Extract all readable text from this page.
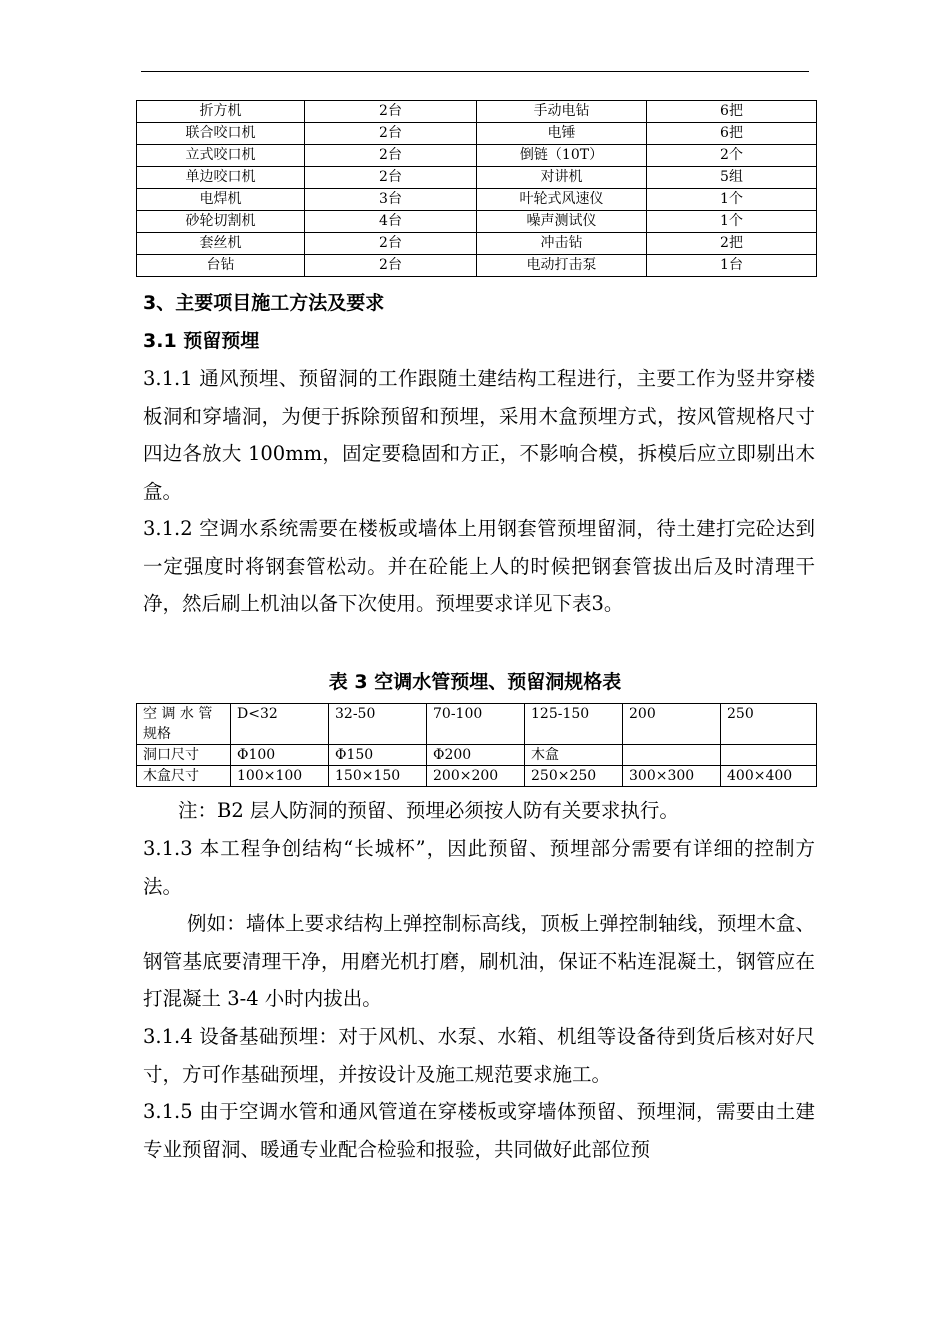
折方机	2台	手动电钻	6把
联合咬口机	2台	电锤	6把
立式咬口机	2台	倒链（10T）	2个
单边咬口机	2台	对讲机	5组
电焊机	3台	叶轮式风速仪	1个
砂轮切割机	4台	噪声测试仪	1个
套丝机	2台	冲击钻	2把
台钻	2台	电动打击泵	1台
3、主要项目施工方法及要求
3.1 预留预埋
3.1.1 通风预埋、预留洞的工作跟随土建结构工程进行，主要工作为竖井穿楼板洞和穿墙洞，为便于拆除预留和预埋，采用木盒预埋方式，按风管规格尺寸四边各放大 100mm，固定要稳固和方正，不影响合模，拆模后应立即剔出木盒。
3.1.2 空调水系统需要在楼板或墙体上用钢套管预埋留洞，待土建打完砼达到一定强度时将钢套管松动。并在砼能上人的时候把钢套管拔出后及时清理干净，然后刷上机油以备下次使用。预埋要求详见下表3。
表 3 空调水管预埋、预留洞规格表
空 调 水 管 规格	D<32	32-50	70-100	125-150	200	250
洞口尺寸	Φ100	Φ150	Φ200	木盒		
木盒尺寸	100×100	150×150	200×200	250×250	300×300	400×400
注：B2 层人防洞的预留、预埋必须按人防有关要求执行。
3.1.3 本工程争创结构“长城杯”，因此预留、预埋部分需要有详细的控制方法。
例如：墙体上要求结构上弹控制标高线，顶板上弹控制轴线，预埋木盒、钢管基底要清理干净，用磨光机打磨，刷机油，保证不粘连混凝土，钢管应在打混凝土 3-4 小时内拔出。
3.1.4 设备基础预埋：对于风机、水泵、水箱、机组等设备待到货后核对好尺寸，方可作基础预埋，并按设计及施工规范要求施工。
3.1.5 由于空调水管和通风管道在穿楼板或穿墙体预留、预埋洞，需要由土建专业预留洞、暖通专业配合检验和报验，共同做好此部位预
